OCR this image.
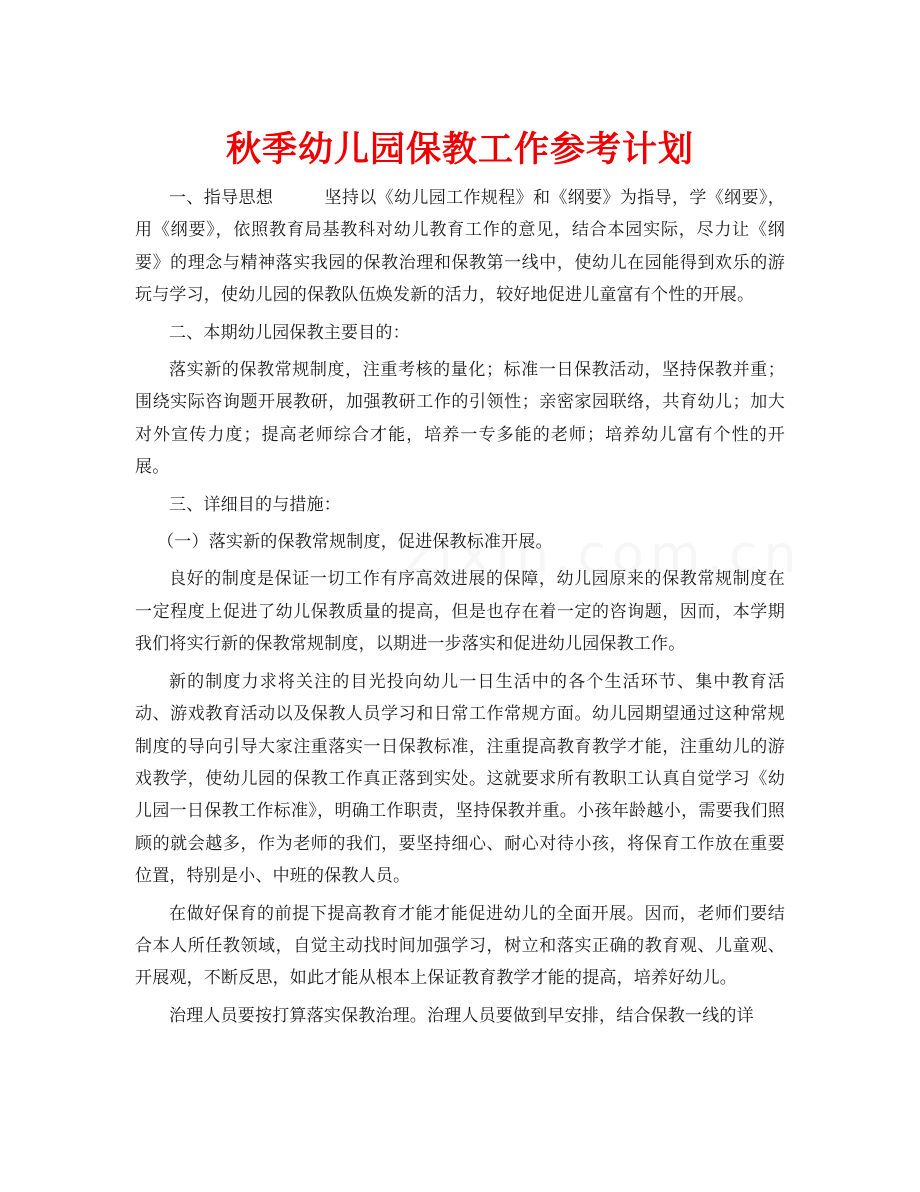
秋季幼儿园保教工作参考计划

一、指导思想	坚持以《幼儿园工作规程》和《纲要》为指导，学《纲要》，用《纲要》，依照教育局基教科对幼儿教育工作的意见，结合本园实际，尽力让《纲要》的理念与精神落实我园的保教治理和保教第一线中，使幼儿在园能得到欢乐的游玩与学习，使幼儿园的保教队伍焕发新的活力，较好地促进儿童富有个性的开展。

二、本期幼儿园保教主要目的：

落实新的保教常规制度，注重考核的量化；标准一日保教活动，坚持保教并重；围绕实际咨询题开展教研，加强教研工作的引领性；亲密家园联络，共育幼儿；加大对外宣传力度；提高老师综合才能，培养一专多能的老师；培养幼儿富有个性的开展。

三、详细目的与措施：

（一）落实新的保教常规制度，促进保教标准开展。

良好的制度是保证一切工作有序高效进展的保障，幼儿园原来的保教常规制度在一定程度上促进了幼儿保教质量的提高，但是也存在着一定的咨询题，因而，本学期我们将实行新的保教常规制度，以期进一步落实和促进幼儿园保教工作。

新的制度力求将关注的目光投向幼儿一日生活中的各个生活环节、集中教育活动、游戏教育活动以及保教人员学习和日常工作常规方面。幼儿园期望通过这种常规制度的导向引导大家注重落实一日保教标准，注重提高教育教学才能，注重幼儿的游戏教学，使幼儿园的保教工作真正落到实处。这就要求所有教职工认真自觉学习《幼儿园一日保教工作标准》，明确工作职责，坚持保教并重。小孩年龄越小，需要我们照顾的就会越多，作为老师的我们，要坚持细心、耐心对待小孩，将保育工作放在重要位置，特别是小、中班的保教人员。

在做好保育的前提下提高教育才能才能促进幼儿的全面开展。因而，老师们要结合本人所任教领域，自觉主动找时间加强学习，树立和落实正确的教育观、儿童观、开展观，不断反思，如此才能从根本上保证教育教学才能的提高，培养好幼儿。

治理人员要按打算落实保教治理。治理人员要做到早安排，结合保教一线的详
